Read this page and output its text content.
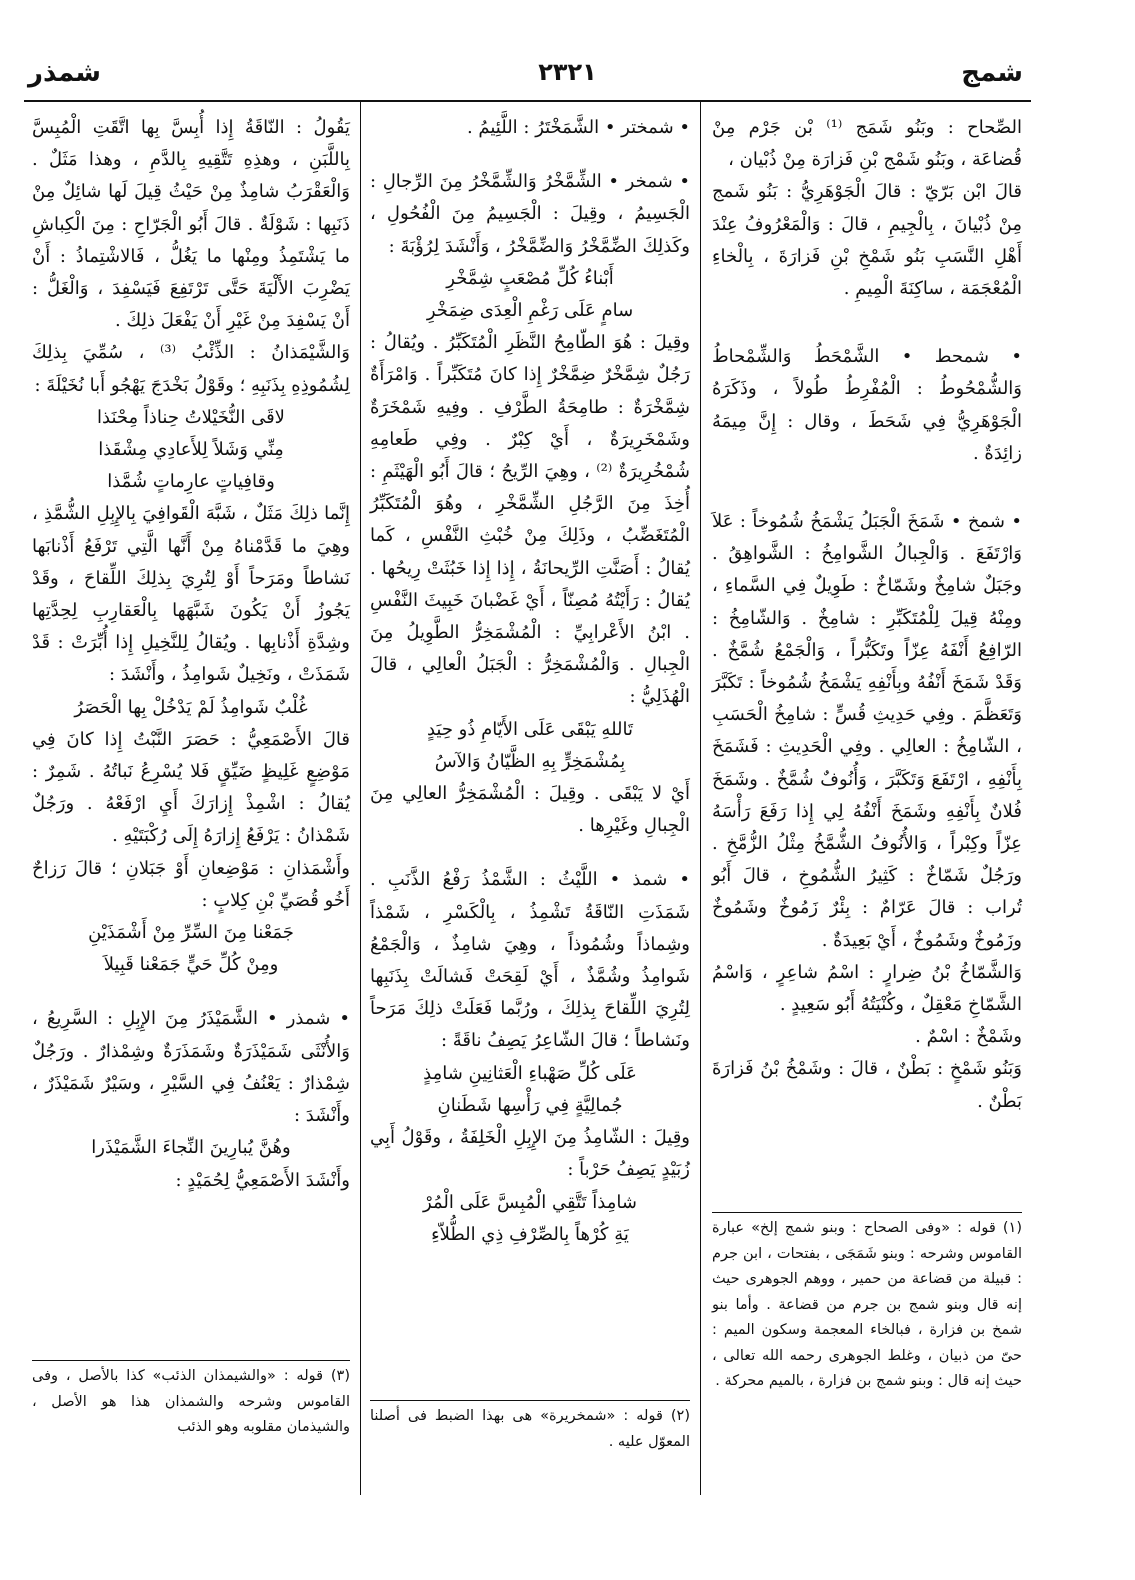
شمج
٢٣٢١
شمذر

الصِّحاح : وبَنُو شَمَج ⁽¹⁾ بْن جَرْم مِنْ قُضاعَة ، وبَنُو شَمْج بْنِ فَزارَة مِنْ ذُبْيان ،

قالَ ابْن بَرّيّ : قالَ الْجَوْهَرِيُّ : بَنُو شَمج مِنْ ذُبْيانَ ، بِالْجِيمِ ، قالَ : وَالْمَعْرُوفُ عِنْدَ أَهْلِ النَّسَبِ بَنُو شَمْخِ بْنِ فَزارَةَ ، بِالْخاءِ الْمُعْجَمَة ، ساكِنَةَ الْمِيمِ .

• شمحط • الشَّمْحَطُ وَالشِّمْحاطُ وَالشُّمْحُوطُ : الْمُفْرِطُ طُولاً ، وذَكَرَهُ الْجَوْهَرِيُّ فِي شَحَطَ ، وقال : إِنَّ مِيمَهُ زائِدَةٌ .

• شمخ • شَمَخَ الْجَبَلُ يَشْمَخُ شُمُوخاً : عَلاَ وَارْتَفَعَ . وَالْجِبالُ الشَّوامِخُ : الشَّواهِقُ . وجَبَلٌ شامِخٌ وشَمّاخٌ : طَوِيلٌ فِي السَّماءِ ، ومِنْهُ قِيلَ لِلْمُتَكَبِّرِ : شامِخٌ . وَالشّامِخُ : الرّافِعُ أَنْفَهُ عِزّاً وتَكَبُّراً ، وَالْجَمْعُ شُمَّخٌ . وَقَدْ شَمَخَ أَنْفُهُ وبِأَنْفِهِ يَشْمَخُ شُمُوخاً : تَكَبَّرَ وَتَعَظَّمَ . وفِي حَدِيثِ قُسٍّ : شامِخُ الْحَسَبِ ، الشّامِخُ : العالِي . وفِي الْحَدِيثِ : فَشَمَخَ بِأَنْفِهِ ، ارْتَفَعَ وَتَكَبَّرَ ، وَأُنُوفٌ شُمَّخٌ . وشَمَخَ فُلانٌ بِأَنْفِهِ وشَمَخَ أَنْفُهُ لِي إِذا رَفَعَ رَأْسَهُ عِزّاً وكِبْراً ، وَالأُنُوفُ الشُّمَّخُ مِثْلُ الزُّمَّخِ . ورَجُلٌ شَمّاخٌ : كَثِيرُ الشُّمُوخِ ، قالَ أَبُو تُراب : قالَ عَرّامٌ : بِئْرٌ زَمُوخٌ وشَمُوخٌ وزَمُوخٌ وشَمُوخٌ ، أَيْ بَعِيدَةٌ .

وَالشَّمّاخُ بْنُ ضِرارٍ : اسْمُ شاعِرٍ ، وَاسْمُ الشَّمّاخِ مَعْقِلٌ ، وكُنْيَتُهُ أَبُو سَعِيدٍ .

وشَمْخٌ : اسْمٌ .

وَبَنُو شَمْخٍ : بَطْنٌ ، قالَ : وشَمْخُ بْنُ فَزارَةَ بَطْنٌ .

• شمختر • الشَّمَخْتَرُ : اللَّئِيمُ .

• شمخر • الشِّمَّخْرُ وَالشِّمَّخْرُ مِنَ الرِّجالِ : الْجَسِيمُ ، وقِيلَ : الْجَسِيمُ مِنَ الْفُحُولِ ، وكَذلِكَ الضِّمَّخْرُ وَالضِّمَّخْرُ ، وَأَنْشَدَ لِرُؤْبَةَ :

أَبْناءُ كُلِّ مُصْعَبٍ شِمَّخْرِ

سامٍ عَلَى رَغْمِ الْعِدَى ضِمَخْرِ

وقِيلَ : هُوَ الطّامِحُ النَّظَرِ الْمُتَكَبِّرُ . ويُقالُ : رَجُلٌ شِمَّخْرٌ ضِمَّخْرٌ إِذا كانَ مُتَكَبِّراً . وَامْرَأَةٌ شِمَّخْرَةٌ : طامِحَةُ الطَّرْفِ . وفِيهِ شَمْخَرَةٌ وشَمْخَرِيرَةٌ ، أَيْ كِبْرٌ . وفِي طَعامِهِ شُمْخُرِيرَةٌ ⁽²⁾ ، وهِيَ الرِّيحُ ؛ قالَ أَبُو الْهَيْثَمِ : أُخِذَ مِنَ الرَّجُلِ الشِّمَّخْرِ ، وهُوَ الْمُتَكَبِّرُ الْمُتَغَضِّبُ ، وذَلِكَ مِنْ خُبْثِ النَّفْسِ ، كَما يُقالُ : أَصَنَّتِ الرِّيحانَةُ ، إِذا إِذا خَبُثَتْ رِيحُها . يُقالُ : رَأَيْتُهُ مُصِنّاً ، أَيْ غَضْبانَ خَبِيثَ النَّفْسِ . ابْنُ الأَعْرابِيِّ : الْمُشْمَخِرُّ الطَّوِيلُ مِنَ الْجِبالِ . وَالْمُشْمَخِرُّ : الْجَبَلُ الْعالِي ، قالَ الْهُذَلِيُّ :

تَاللهِ يَبْقَى عَلَى الأَيّامِ ذُو حِيَدٍ

بِمُشْمَخِرٍّ بِهِ الظَّيّانُ وَالآسُ

أَيْ لا يَبْقَى . وقِيلَ : الْمُشْمَخِرُّ العالِي مِنَ الْجِبالِ وغَيْرِها .

• شمذ • اللَّيْثُ : الشَّمْذُ رَفْعُ الذَّنَبِ . شَمَذَتِ النّاقَةُ تَشْمِذُ ، بِالْكَسْرِ ، شَمْذاً وشِماذاً وشُمُوذاً ، وهِيَ شامِذٌ ، وَالْجَمْعُ شَوامِذُ وشُمَّذٌ ، أَيْ لَقِحَتْ فَشالَتْ بِذَنَبِها لِتُرِيَ اللِّقاحَ بِذلِكَ ، ورُبَّما فَعَلَتْ ذلِكَ مَرَحاً ونَشاطاً ؛ قالَ الشّاعِرُ يَصِفُ ناقَةً :

عَلَى كُلِّ صَهْباءِ الْعَثانِينِ شامِذٍ

جُمالِيَّةٍ فِي رَأْسِها شَطَنانِ

وقِيلَ : الشّامِذُ مِنَ الإِبِلِ الْخَلِفَةُ ، وقَوْلُ أَبِي زُبَيْدٍ يَصِفُ حَرْباً :

شامِذاً تَتَّقِي الْمُبِسَّ عَلَى الْمُرْ

يَةِ كُرْهاً بِالصِّرْفِ ذِي الطُّلاّءِ

يَقُولُ : النّاقَةُ إِذا أُبِسَّ بِها اتَّقَتِ الْمُبِسَّ بِاللَّبَنِ ، وهذِهِ تَتَّقِيهِ بِالدَّمِ ، وهذا مَثَلٌ . وَالْعَقْرَبُ شامِذٌ مِنْ حَيْثُ قِيلَ لَها شائِلٌ مِنْ ذَنَبِها : شَوْلَةٌ . قالَ أَبُو الْجَرّاحِ : مِنَ الْكِباشِ ما يَشْتَمِذُ ومِنْها ما يَغُلُّ ، فَالاشْتِماذُ : أَنْ يَضْرِبَ الأَلْيَةَ حَتَّى تَرْتَفِعَ فَيَسْفِدَ ، وَالْغَلُّ : أَنْ يَسْفِدَ مِنْ غَيْرِ أَنْ يَفْعَلَ ذلِكَ .

وَالشَّيْمَذانُ : الذِّئْبُ ⁽³⁾ ، سُمِّيَ بِذلِكَ لِشُمُوذِهِ بِذَنَبِهِ ؛ وقَوْلُ بَخْدَجَ يَهْجُو أَبا نُخَيْلَةَ :

لاقَى النُّخَيْلاتُ حِناذاً مِحْنَذا

مِنِّي وَشَلاً لِلأَعادِي مِشْقَذا

وقافِياتٍ عارِماتٍ شُمَّذا

إِنَّما ذلِكَ مَثَلٌ ، شَبَّهَ الْقَوافِيَ بِالإِبِلِ الشُّمَّذِ ، وهِيَ ما قَدَّمْناهُ مِنْ أَنَّها الَّتِي تَرْفَعُ أَذْنابَها نَشاطاً ومَرَحاً أَوْ لِتُرِيَ بِذلِكَ اللِّقاحَ ، وقَدْ يَجُوزُ أَنْ يَكُونَ شَبَّهَها بِالْعَقارِبِ لِحِدَّتِها وشِدَّةِ أَذْنابِها . ويُقالُ لِلنَّخِيلِ إِذا أُبِّرَتْ : قَدْ شَمَذَتْ ، ونَخِيلٌ شَوامِذُ ، وأَنْشَدَ :

غُلْبٌ شَوامِذُ لَمْ يَدْخُلْ بِها الْحَصَرُ

قالَ الأَصْمَعِيُّ : حَصَرَ النَّبْتُ إِذا كانَ فِي مَوْضِعٍ غَلِيظٍ ضَيِّقٍ فَلا يُسْرِعُ نَباتُهُ . شَمِرٌ : يُقالُ : اشْمِذْ إِزارَكَ أَيِ ارْفَعْهُ . ورَجُلٌ شَمْذانُ : يَرْفَعُ إِزارَهُ إِلَى رُكْبَتَيْهِ .

وأَشْمَذانِ : مَوْضِعانِ أَوْ جَبَلانِ ؛ قالَ رَزاحٌ أَخُو قُصَيِّ بْنِ كِلابٍ :

جَمَعْنا مِنَ السِّرِّ مِنْ أَشْمَذَيْنِ

ومِنْ كُلِّ حَيٍّ جَمَعْنا قَبِيلاَ

• شمذر • الشَّمَيْذَرُ مِنَ الإِبِلِ : السَّرِيعُ ، وَالأُنْثَى شَمَيْذَرَةٌ وشَمَذَرَةٌ وشِمْذارٌ . ورَجُلٌ شِمْذارٌ : يَعْنُفُ فِي السَّيْرِ ، وسَيْرٌ شَمَيْذَرٌ ، وأَنْشَدَ :

وهُنَّ يُبارِينَ النِّجاءَ الشَّمَيْذَرا

وأَنْشَدَ الأَصْمَعِيُّ لِحُمَيْدٍ :

(١) قوله : «وفى الصحاح : وبنو شمج إلخ» عبارة القاموس وشرحه : وبنو شَمَجَى ، بفتحات ، ابن جرم : قبيلة من قضاعة من حمير ، ووهم الجوهرى حيث إنه قال وبنو شمج بن جرم من قضاعة . وأما بنو شمخ بن فزارة ، فبالخاء المعجمة وسكون الميم : حىّ من ذبيان ، وغلط الجوهرى رحمه الله تعالى ، حيث إنه قال : وبنو شمج بن فزارة ، بالميم محركة .
(٢) قوله : «شمخريرة» هى بهذا الضبط فى أصلنا المعوّل عليه .
(٣) قوله : «والشيمذان الذئب» كذا بالأصل ، وفى القاموس وشرحه والشمذان هذا هو الأصل ، والشيذمان مقلوبه وهو الذئب
